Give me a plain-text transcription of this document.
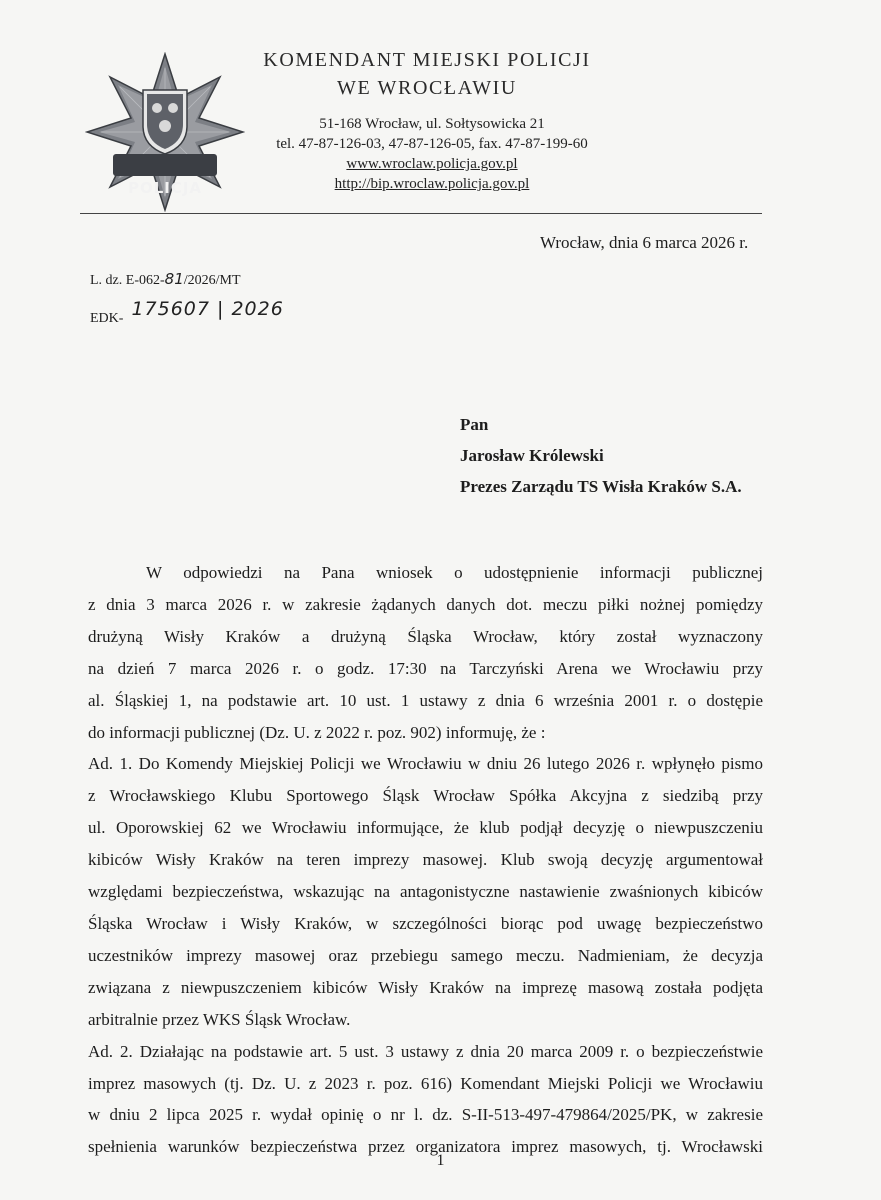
POLICJA
KOMENDANT MIEJSKI POLICJI
WE WROCŁAWIU
51-168 Wrocław, ul. Sołtysowicka 21
tel. 47-87-126-03, 47-87-126-05, fax. 47-87-199-60
www.wroclaw.policja.gov.pl
http://bip.wroclaw.policja.gov.pl
Wrocław, dnia 6 marca 2026 r.
L. dz. E-062-81/2026/MT
EDK- 175607 | 2026
Pan
Jarosław Królewski
Prezes Zarządu TS Wisła Kraków S.A.
W odpowiedzi na Pana wniosek o udostępnienie informacji publicznej
z dnia 3 marca 2026 r. w zakresie żądanych danych dot. meczu piłki nożnej pomiędzy
drużyną Wisły Kraków a drużyną Śląska Wrocław, który został wyznaczony
na dzień 7 marca 2026 r. o godz. 17:30 na Tarczyński Arena we Wrocławiu przy
al. Śląskiej 1, na podstawie art. 10 ust. 1 ustawy z dnia 6 września 2001 r. o dostępie
do informacji publicznej (Dz. U. z 2022 r. poz. 902) informuję, że :
Ad. 1. Do Komendy Miejskiej Policji we Wrocławiu w dniu 26 lutego 2026 r. wpłynęło pismo
z Wrocławskiego Klubu Sportowego Śląsk Wrocław Spółka Akcyjna z siedzibą przy
ul. Oporowskiej 62 we Wrocławiu informujące, że klub podjął decyzję o niewpuszczeniu
kibiców Wisły Kraków na teren imprezy masowej. Klub swoją decyzję argumentował
względami bezpieczeństwa, wskazując na antagonistyczne nastawienie zwaśnionych kibiców
Śląska Wrocław i Wisły Kraków, w szczególności biorąc pod uwagę bezpieczeństwo
uczestników imprezy masowej oraz przebiegu samego meczu. Nadmieniam, że decyzja
związana z niewpuszczeniem kibiców Wisły Kraków na imprezę masową została podjęta
arbitralnie przez WKS Śląsk Wrocław.
Ad. 2. Działając na podstawie art. 5 ust. 3 ustawy z dnia 20 marca 2009 r. o bezpieczeństwie
imprez masowych (tj. Dz. U. z 2023 r. poz. 616) Komendant Miejski Policji we Wrocławiu
w dniu 2 lipca 2025 r. wydał opinię o nr l. dz. S-II-513-497-479864/2025/PK, w zakresie
spełnienia warunków bezpieczeństwa przez organizatora imprez masowych, tj. Wrocławski
1
